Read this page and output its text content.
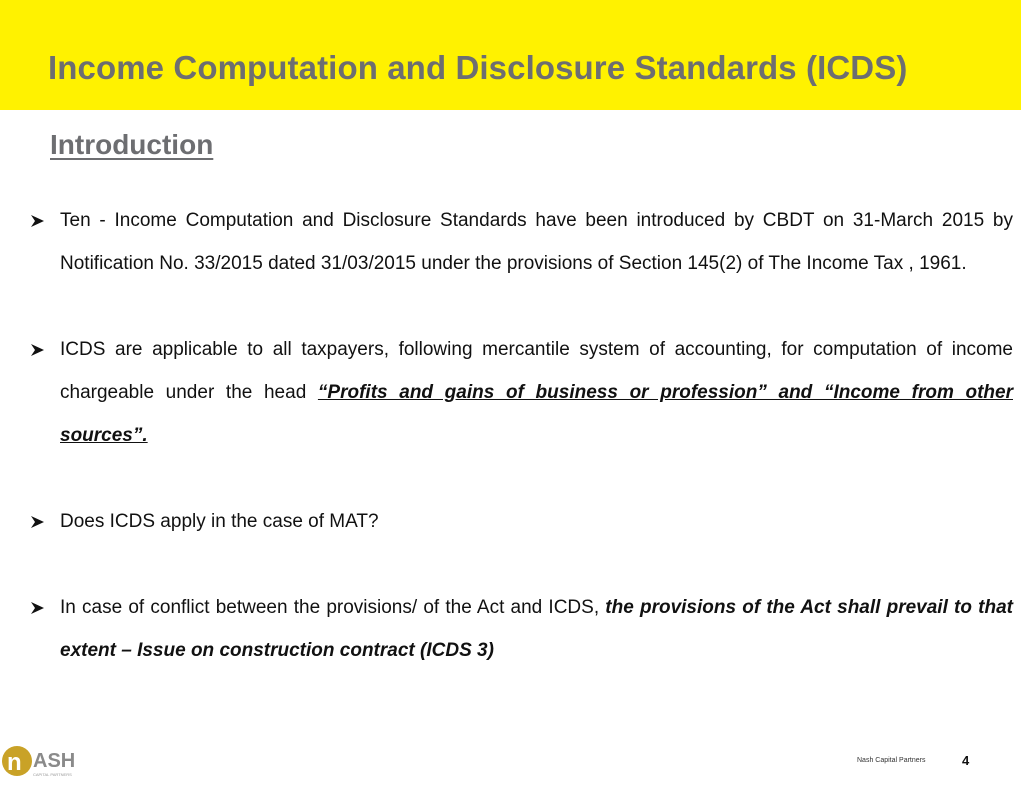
Income Computation and Disclosure Standards (ICDS)
Introduction
Ten - Income Computation and Disclosure Standards have been introduced by CBDT on 31-March 2015 by Notification No. 33/2015 dated 31/03/2015 under the provisions of Section 145(2) of The Income Tax , 1961.
ICDS are applicable to all taxpayers, following mercantile system of accounting, for computation of income chargeable under the head “Profits and gains of business or profession” and “Income from other sources”.
Does ICDS apply in the case of MAT?
In case of conflict between the provisions/ of the Act and ICDS, the provisions of the Act shall prevail to that extent – Issue on construction contract (ICDS 3)
n ASH
CAPITAL PARTNERS
Nash Capital Partners	4
